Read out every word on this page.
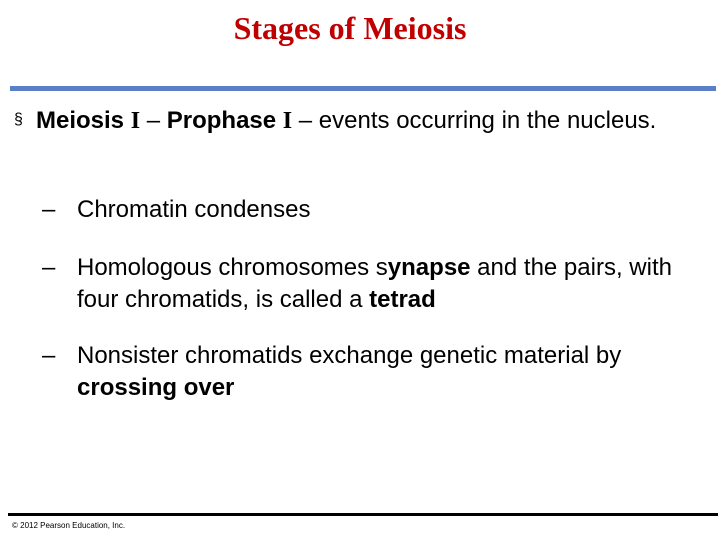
Stages of Meiosis
§ Meiosis I – Prophase I – events occurring in the nucleus.
– Chromatin condenses
– Homologous chromosomes synapse and the pairs, with four chromatids, is called a tetrad
– Nonsister chromatids exchange genetic material by crossing over
© 2012 Pearson Education, Inc.
